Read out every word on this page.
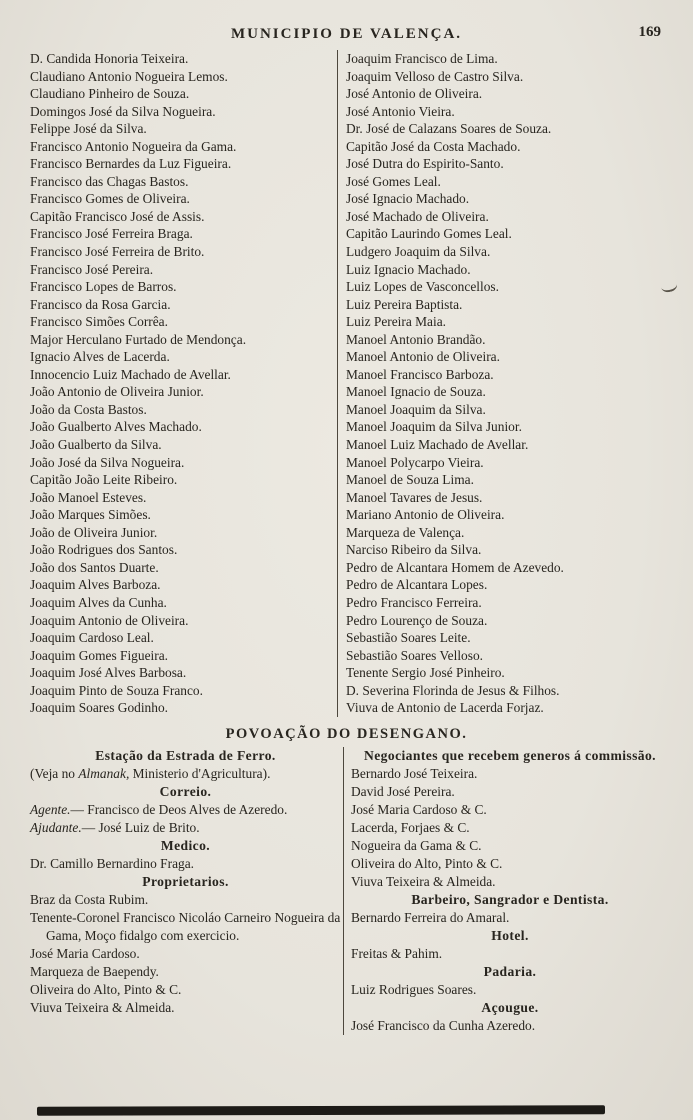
MUNICIPIO DE VALENÇA.	169
D. Candida Honoria Teixeira.
Claudiano Antonio Nogueira Lemos.
Claudiano Pinheiro de Souza.
Domingos José da Silva Nogueira.
Felippe José da Silva.
Francisco Antonio Nogueira da Gama.
Francisco Bernardes da Luz Figueira.
Francisco das Chagas Bastos.
Francisco Gomes de Oliveira.
Capitão Francisco José de Assis.
Francisco José Ferreira Braga.
Francisco José Ferreira de Brito.
Francisco José Pereira.
Francisco Lopes de Barros.
Francisco da Rosa Garcia.
Francisco Simões Corrêa.
Major Herculano Furtado de Mendonça.
Ignacio Alves de Lacerda.
Innocencio Luiz Machado de Avellar.
João Antonio de Oliveira Junior.
João da Costa Bastos.
João Gualberto Alves Machado.
João Gualberto da Silva.
João José da Silva Nogueira.
Capitão João Leite Ribeiro.
João Manoel Esteves.
João Marques Simões.
João de Oliveira Junior.
João Rodrigues dos Santos.
João dos Santos Duarte.
Joaquim Alves Barboza.
Joaquim Alves da Cunha.
Joaquim Antonio de Oliveira.
Joaquim Cardoso Leal.
Joaquim Gomes Figueira.
Joaquim José Alves Barbosa.
Joaquim Pinto de Souza Franco.
Joaquim Soares Godinho.
Joaquim Francisco de Lima.
Joaquim Velloso de Castro Silva.
José Antonio de Oliveira.
José Antonio Vieira.
Dr. José de Calazans Soares de Souza.
Capitão José da Costa Machado.
José Dutra do Espirito-Santo.
José Gomes Leal.
José Ignacio Machado.
José Machado de Oliveira.
Capitão Laurindo Gomes Leal.
Ludgero Joaquim da Silva.
Luiz Ignacio Machado.
Luiz Lopes de Vasconcellos.
Luiz Pereira Baptista.
Luiz Pereira Maia.
Manoel Antonio Brandão.
Manoel Antonio de Oliveira.
Manoel Francisco Barboza.
Manoel Ignacio de Souza.
Manoel Joaquim da Silva.
Manoel Joaquim da Silva Junior.
Manoel Luiz Machado de Avellar.
Manoel Polycarpo Vieira.
Manoel de Souza Lima.
Manoel Tavares de Jesus.
Mariano Antonio de Oliveira.
Marqueza de Valença.
Narciso Ribeiro da Silva.
Pedro de Alcantara Homem de Azevedo.
Pedro de Alcantara Lopes.
Pedro Francisco Ferreira.
Pedro Lourenço de Souza.
Sebastião Soares Leite.
Sebastião Soares Velloso.
Tenente Sergio José Pinheiro.
D. Severina Florinda de Jesus & Filhos.
Viuva de Antonio de Lacerda Forjaz.
POVOAÇÃO DO DESENGANO.
Estação da Estrada de Ferro.
(Veja no Almanak, Ministerio d'Agricultura).
Correio.
Agente.— Francisco de Deos Alves de Azeredo.
Ajudante.— José Luiz de Brito.
Medico.
Dr. Camillo Bernardino Fraga.
Proprietarios.
Braz da Costa Rubim.
Tenente-Coronel Francisco Nicoláo Carneiro Nogueira da Gama, Moço fidalgo com exercicio.
José Maria Cardoso.
Marqueza de Baependy.
Oliveira do Alto, Pinto & C.
Viuva Teixeira & Almeida.
Negociantes que recebem generos á commissão.
Bernardo José Teixeira.
David José Pereira.
José Maria Cardoso & C.
Lacerda, Forjaes & C.
Nogueira da Gama & C.
Oliveira do Alto, Pinto & C.
Viuva Teixeira & Almeida.
Barbeiro, Sangrador e Dentista.
Bernardo Ferreira do Amaral.
Hotel.
Freitas & Pahim.
Padaria.
Luiz Rodrigues Soares.
Açougue.
José Francisco da Cunha Azeredo.
